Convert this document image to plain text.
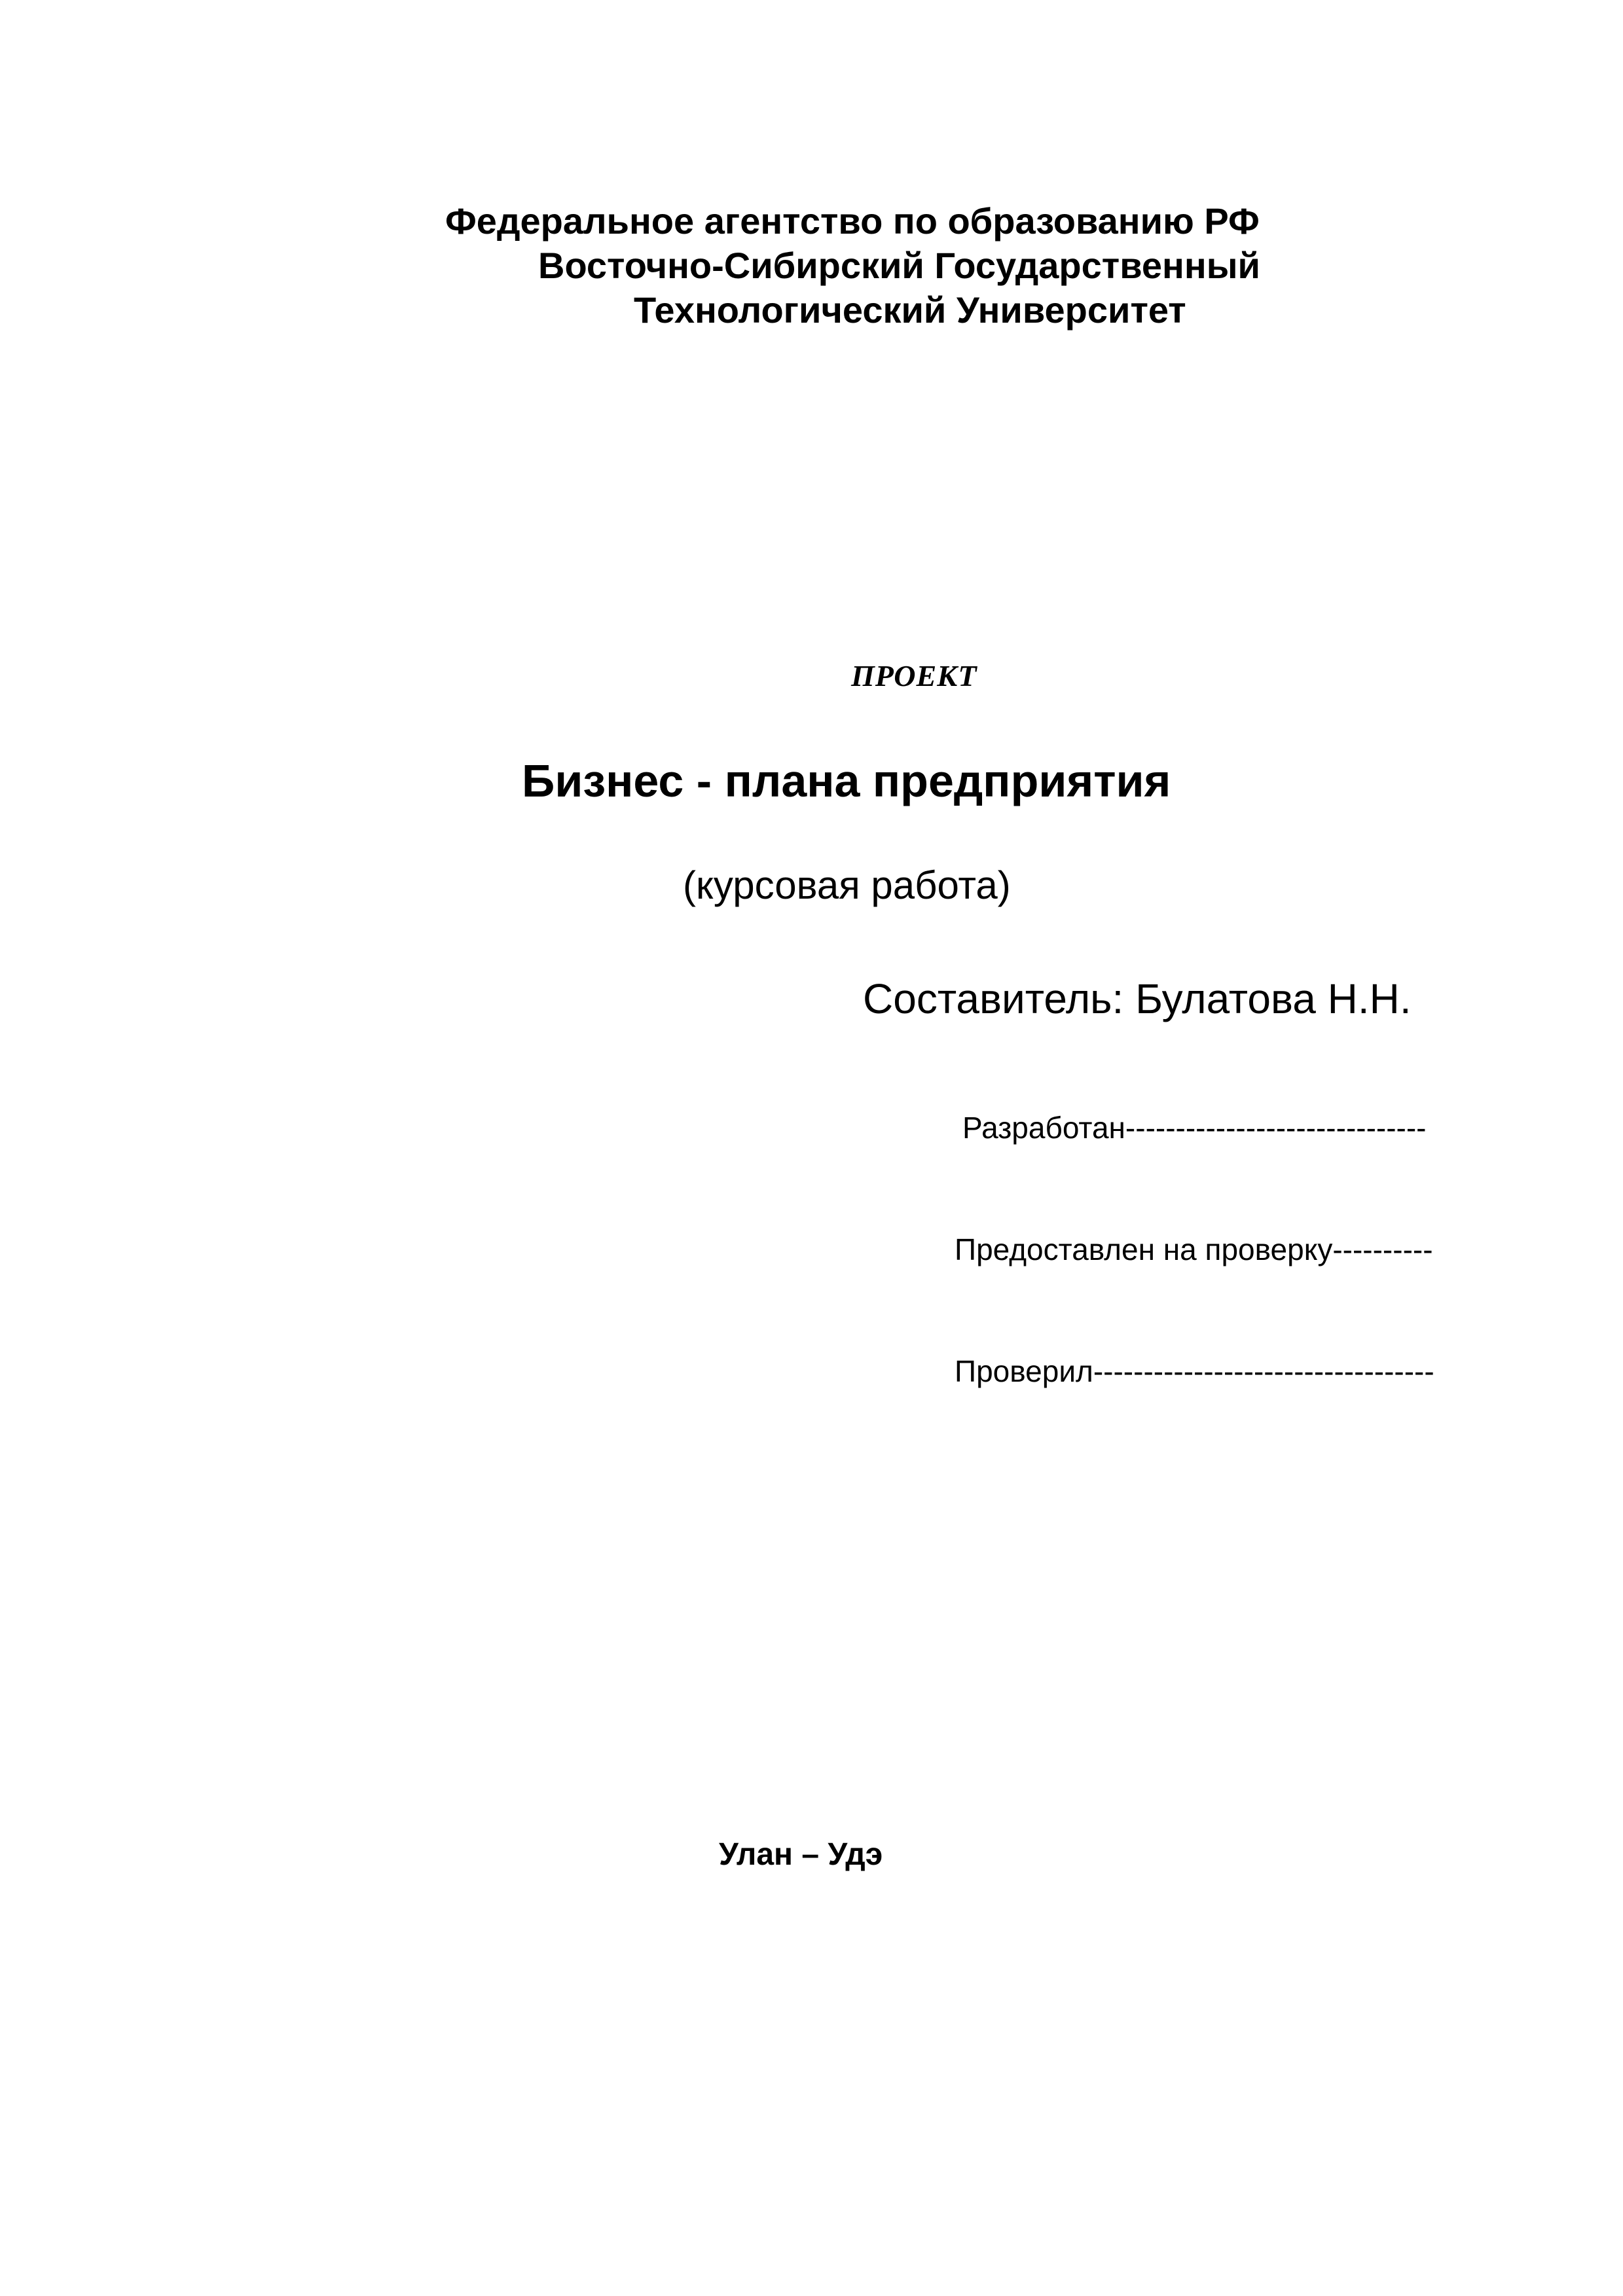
Федеральное агентство по образованию РФ
Восточно-Сибирский Государственный
Технологический Университет
ПРОЕКТ
Бизнес - плана предприятия
(курсовая работа)
Составитель: Булатова Н.Н.
Разработан------------------------------
Предоставлен на проверку----------
Проверил----------------------------------
Улан – Удэ
